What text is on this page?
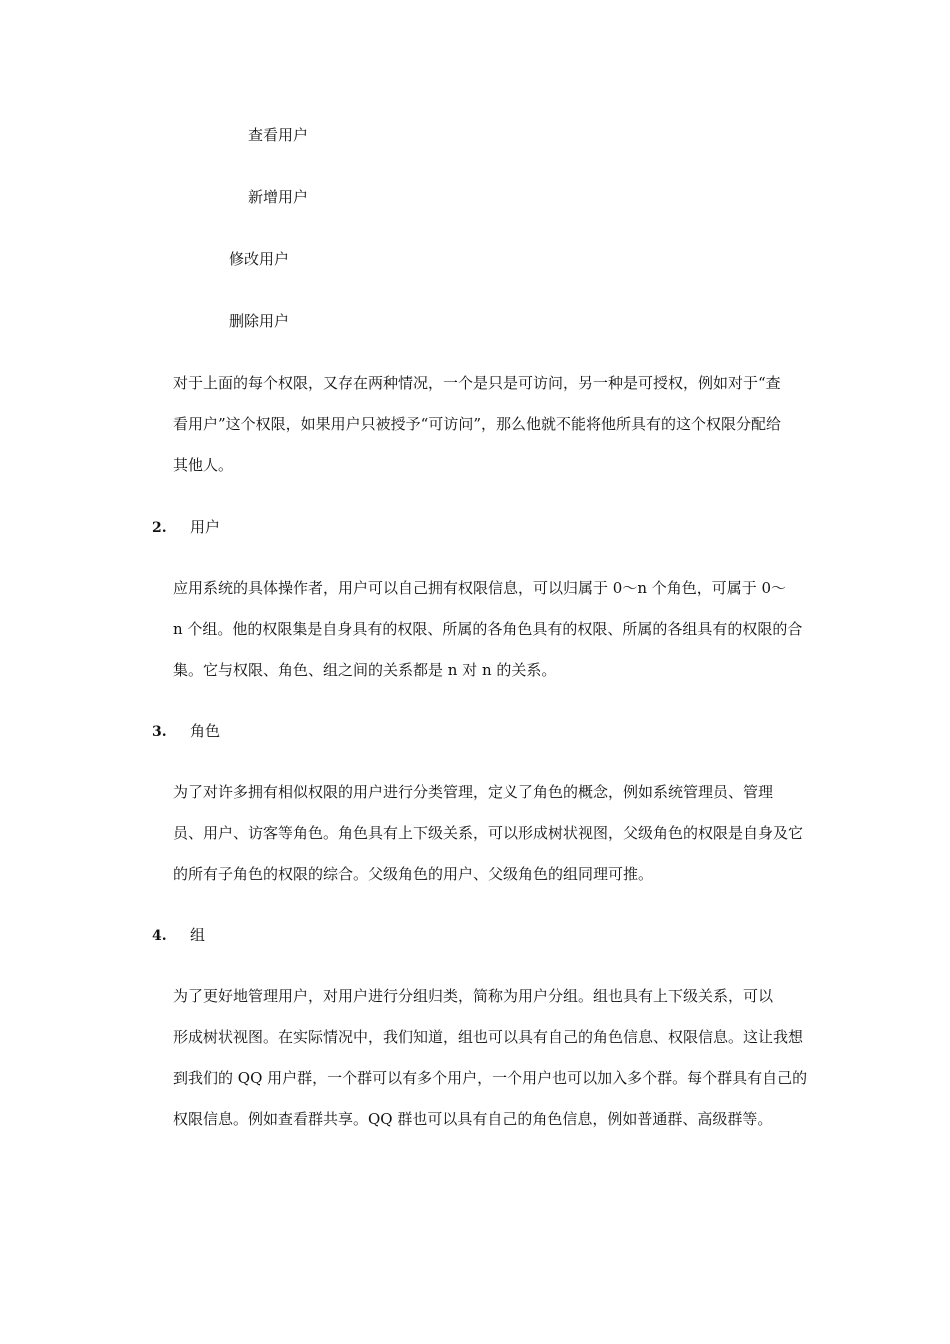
查看用户
新增用户
修改用户
删除用户

对于上面的每个权限，又存在两种情况，一个是只是可访问，另一种是可授权，例如对于“查
看用户”这个权限，如果用户只被授予“可访问”，那么他就不能将他所具有的这个权限分配给
其他人。

2. 用户

应用系统的具体操作者，用户可以自己拥有权限信息，可以归属于 0～n 个角色，可属于 0～
n 个组。他的权限集是自身具有的权限、所属的各角色具有的权限、所属的各组具有的权限的合
集。它与权限、角色、组之间的关系都是 n 对 n 的关系。

3. 角色

为了对许多拥有相似权限的用户进行分类管理，定义了角色的概念，例如系统管理员、管理
员、用户、访客等角色。角色具有上下级关系，可以形成树状视图，父级角色的权限是自身及它
的所有子角色的权限的综合。父级角色的用户、父级角色的组同理可推。

4. 组

为了更好地管理用户，对用户进行分组归类，简称为用户分组。组也具有上下级关系，可以
形成树状视图。在实际情况中，我们知道，组也可以具有自己的角色信息、权限信息。这让我想
到我们的 QQ 用户群，一个群可以有多个用户，一个用户也可以加入多个群。每个群具有自己的
权限信息。例如查看群共享。QQ 群也可以具有自己的角色信息，例如普通群、高级群等。
